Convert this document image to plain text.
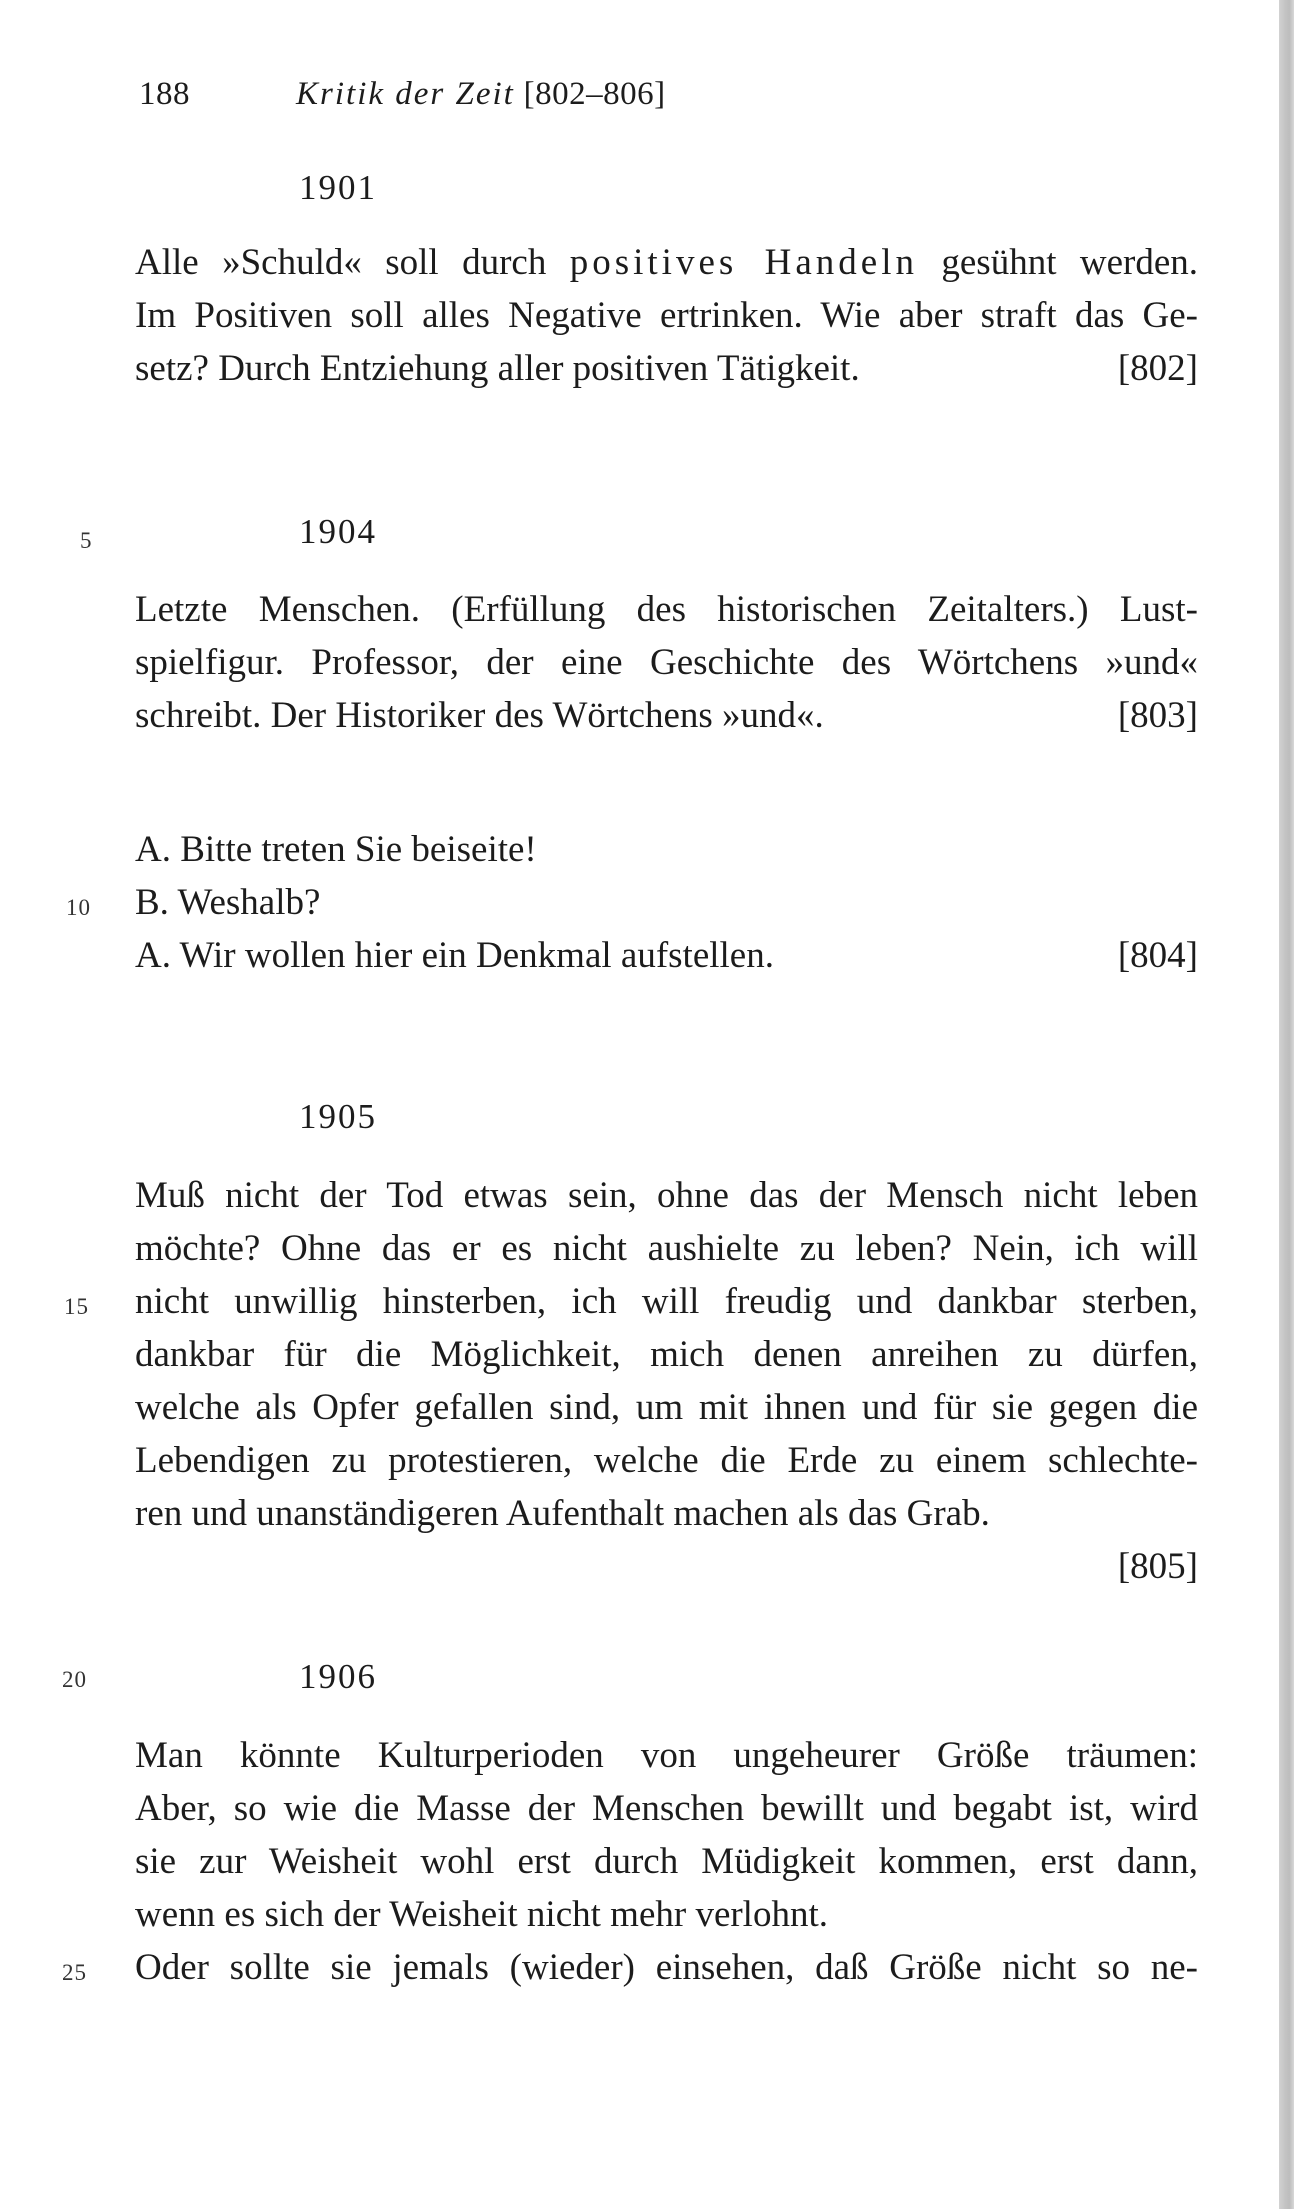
188	Kritik der Zeit [802–806]
1901
Alle »Schuld« soll durch positives Handeln gesühnt werden.
Im Positiven soll alles Negative ertrinken. Wie aber straft das Ge-
setz? Durch Entziehung aller positiven Tätigkeit.	[802]
5	1904
Letzte Menschen. (Erfüllung des historischen Zeitalters.) Lust-
spielfigur. Professor, der eine Geschichte des Wörtchens »und«
schreibt. Der Historiker des Wörtchens »und«.	[803]
A. Bitte treten Sie beiseite!
10 B. Weshalb?
A. Wir wollen hier ein Denkmal aufstellen.	[804]
1905
Muß nicht der Tod etwas sein, ohne das der Mensch nicht leben
möchte? Ohne das er es nicht aushielte zu leben? Nein, ich will
15 nicht unwillig hinsterben, ich will freudig und dankbar sterben,
dankbar für die Möglichkeit, mich denen anreihen zu dürfen,
welche als Opfer gefallen sind, um mit ihnen und für sie gegen die
Lebendigen zu protestieren, welche die Erde zu einem schlechte-
ren und unanständigeren Aufenthalt machen als das Grab.
[805]
20	1906
Man könnte Kulturperioden von ungeheurer Größe träumen:
Aber, so wie die Masse der Menschen bewillt und begabt ist, wird
sie zur Weisheit wohl erst durch Müdigkeit kommen, erst dann,
wenn es sich der Weisheit nicht mehr verlohnt.
25 Oder sollte sie jemals (wieder) einsehen, daß Größe nicht so ne-
